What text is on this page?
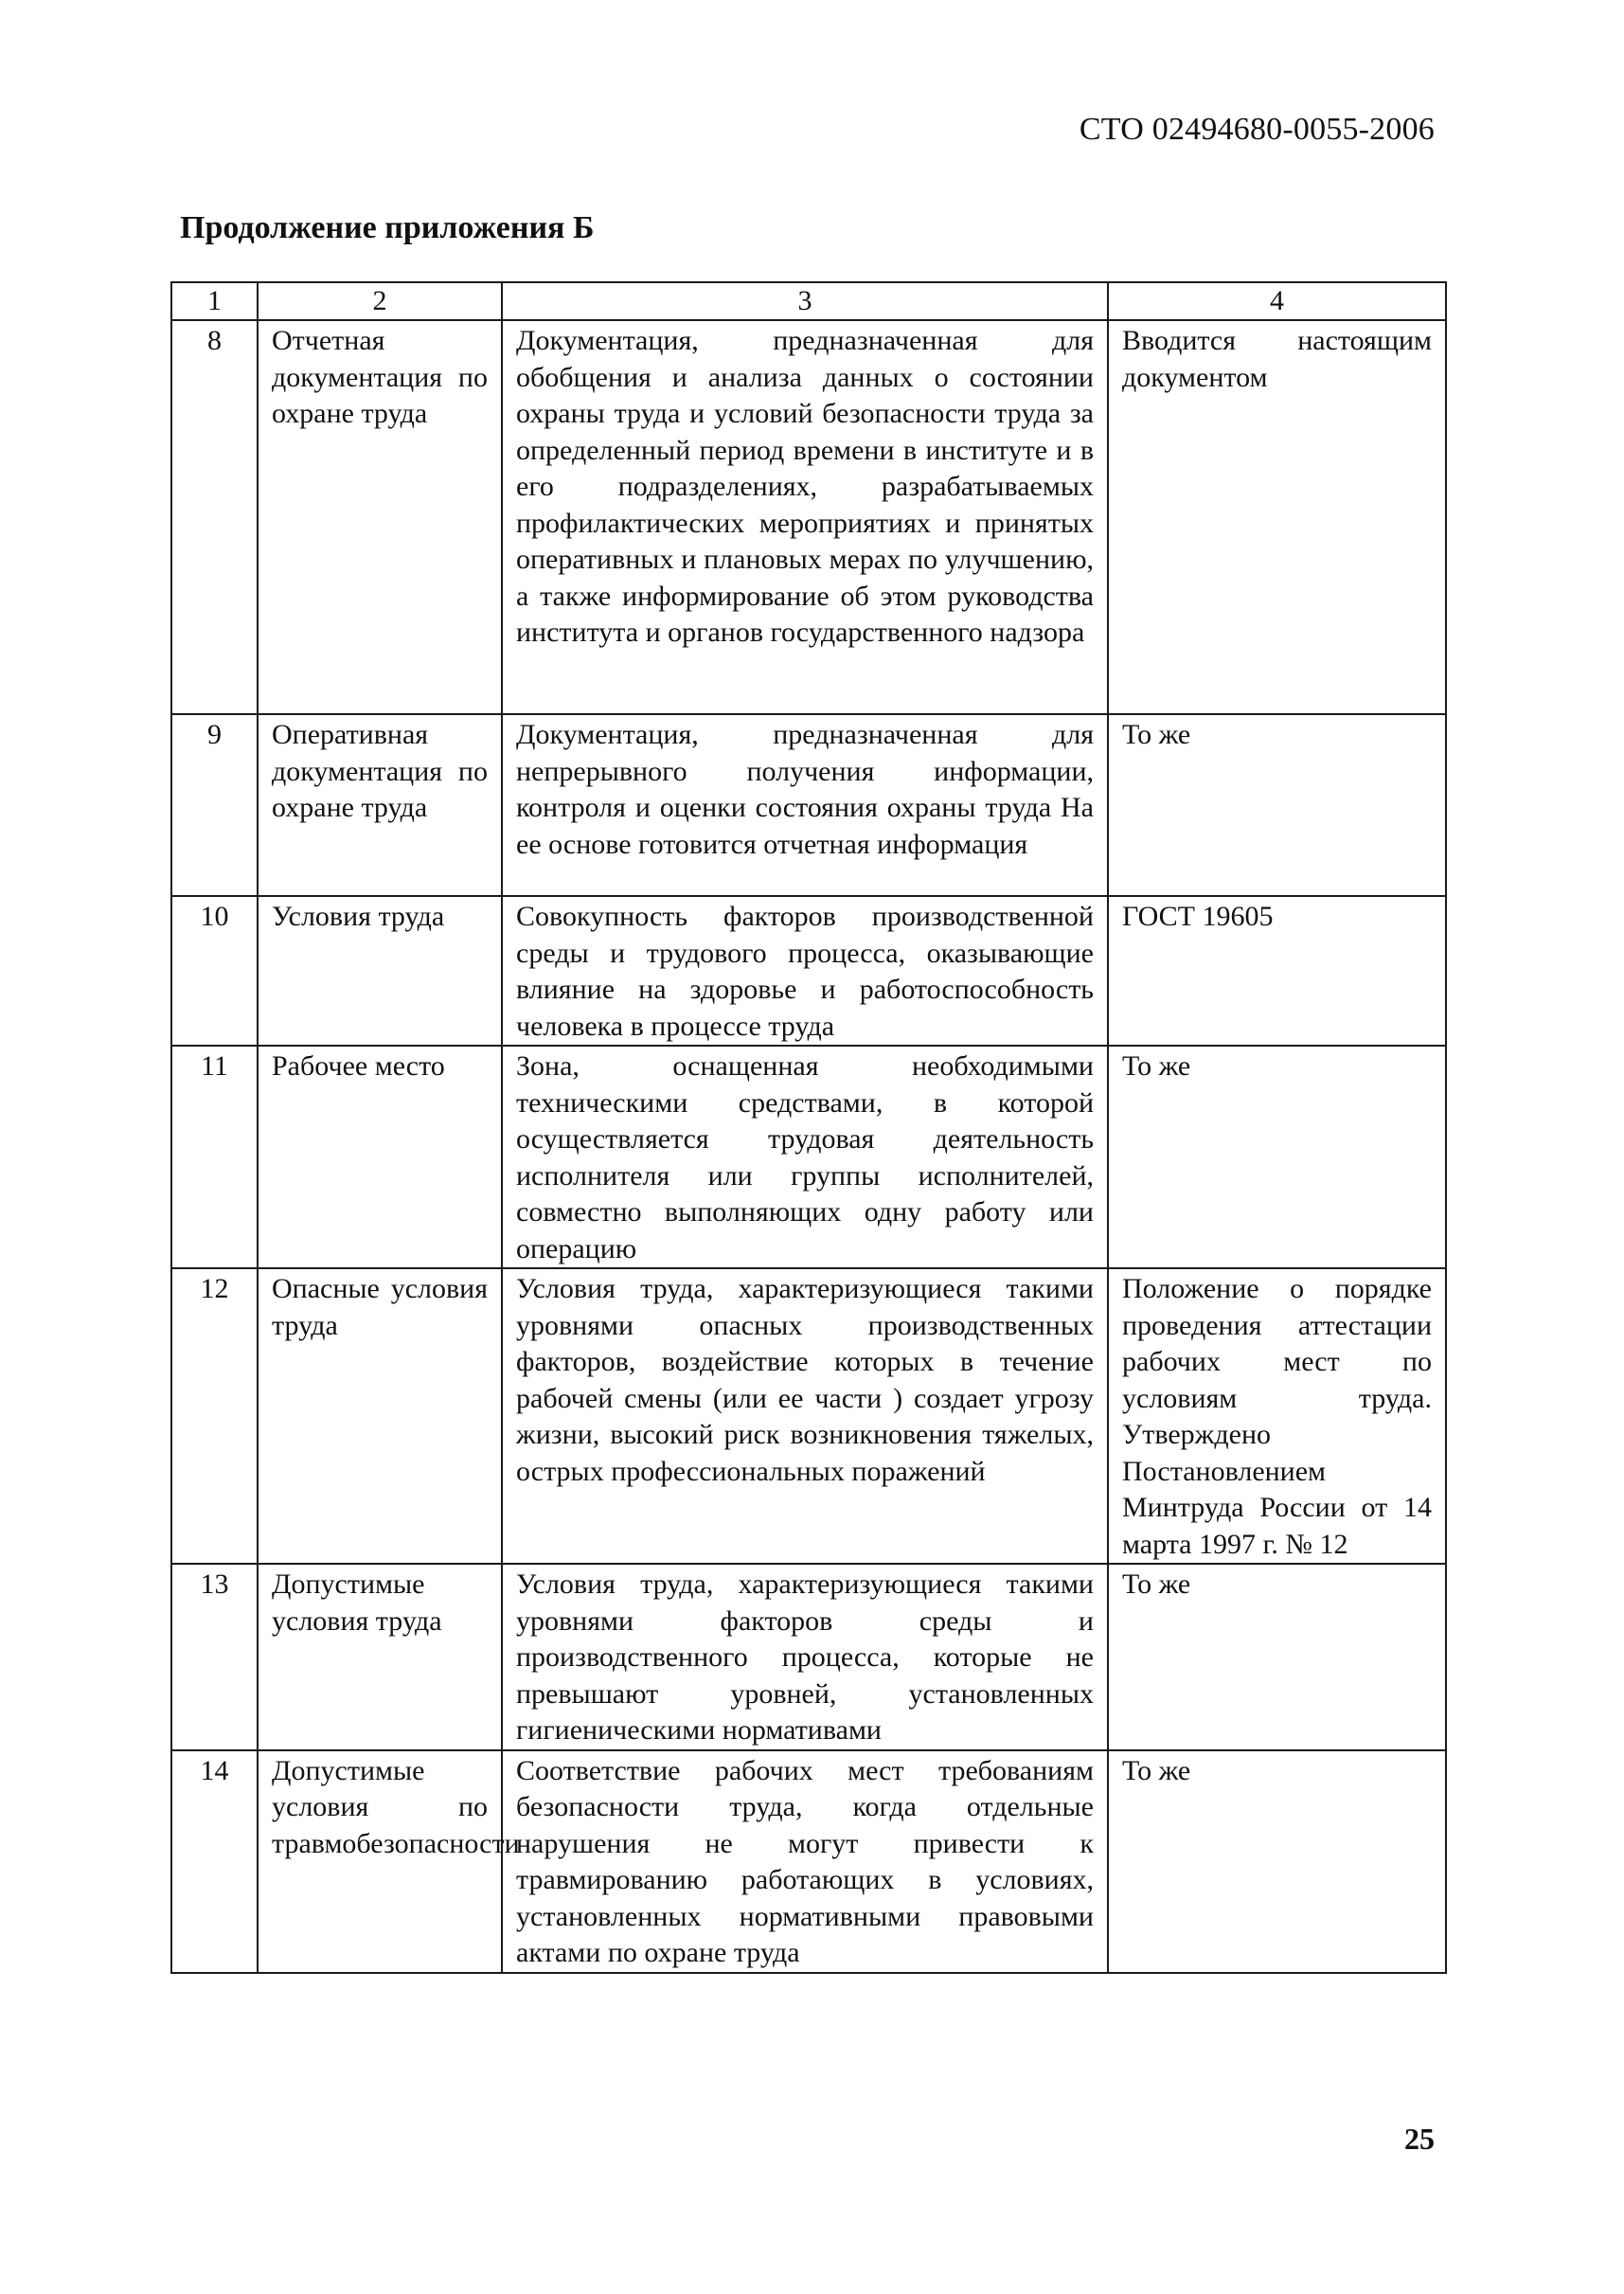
СТО 02494680-0055-2006
Продолжение приложения Б
1	2	3	4
8	Отчетная документация по охране труда	Документация, предназначенная для обобщения и анализа данных о состоянии охраны труда и условий безопасности труда за определенный период времени в институте и в его подразделениях, разрабатываемых профилактических мероприятиях и принятых оперативных и плановых мерах по улучшению, а также информирование об этом руководства института и органов государственного надзора	Вводится настоящим документом
9	Оперативная документация по охране труда	Документация, предназначенная для непрерывного получения информации, контроля и оценки состояния охраны труда На ее основе готовится отчетная информация	То же
10	Условия труда	Совокупность факторов производственной среды и трудового процесса, оказывающие влияние на здоровье и работоспособность человека в процессе труда	ГОСТ 19605
11	Рабочее место	Зона, оснащенная необходимыми техническими средствами, в которой осуществляется трудовая деятельность исполнителя или группы исполнителей, совместно выполняющих одну работу или операцию	То же
12	Опасные условия труда	Условия труда, характеризующиеся такими уровнями опасных производственных факторов, воздействие которых в течение рабочей смены (или ее части ) создает угрозу жизни, высокий риск возникновения тяжелых, острых профессиональных поражений	Положение о порядке проведения аттестации рабочих мест по условиям труда. Утверждено Постановлением Минтруда России от 14 марта 1997 г. № 12
13	Допустимые условия труда	Условия труда, характеризующиеся такими уровнями факторов среды и производственного процесса, которые не превышают уровней, установленных гигиеническими нормативами	То же
14	Допустимые условия по травмобезопасности	Соответствие рабочих мест требованиям безопасности труда, когда отдельные нарушения не могут привести к травмированию работающих в условиях, установленных нормативными правовыми актами по охране труда	То же
25
